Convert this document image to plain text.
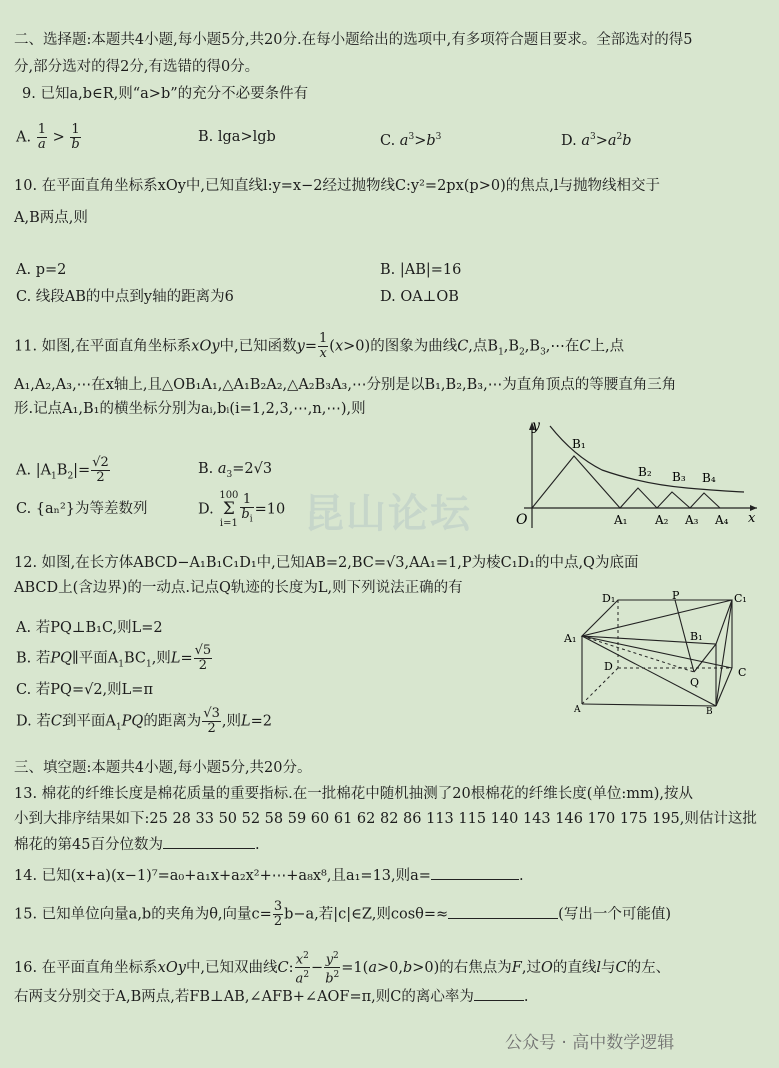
二、选择题:本题共4小题,每小题5分,共20分.在每小题给出的选项中,有多项符合题目要求。全部选对的得5
分,部分选对的得2分,有选错的得0分。
9. 已知a,b∈R,则“a>b”的充分不必要条件有
A. $\frac{1}{a} > \frac{1}{b}$	B. lga>lgb	C. $a^3>b^3$	D. $a^3>a^2b$
10. 在平面直角坐标系xOy中,已知直线l:y=x−2经过抛物线C:y²=2px(p>0)的焦点,l与抛物线相交于
A,B两点,则
A. p=2	B. |AB|=16
C. 线段AB的中点到y轴的距离为6	D. OA⊥OB
11. 如图,在平面直角坐标系xOy中,已知函数$y= \frac{1}{x} (x>0)$的图象为曲线C,点$B_1,B_2,B_3,\cdots$在C上,点
A₁,A₂,A₃,⋯在x轴上,且△OB₁A₁,△A₁B₂A₂,△A₂B₃A₃,⋯分别是以B₁,B₂,B₃,⋯为直角顶点的等腰直角三角
形.记点A₁,B₁的横坐标分别为aᵢ,bᵢ(i=1,2,3,⋯,n,⋯),则
A. $|A_1B_2|= \frac{√2}{2}$	B. $a_3=2√3$
C. {aₙ²}为等差数列	D. 100
Σ
$i=1 \frac{1}{b_i} =10$
y
O	x
B₁
B₂ B₃ B₄
A₁ A₂ A₃ A₄
昆山论坛
12. 如图,在长方体ABCD−A₁B₁C₁D₁中,已知AB=2,BC=√3,AA₁=1,P为棱C₁D₁的中点,Q为底面
ABCD上(含边界)的一动点.记点Q轨迹的长度为L,则下列说法正确的有
A. 若PQ⊥B₁C,则L=2
B. 若PQ∥平面$A_1BC_1$,则$L= \frac{√5}{2}$
C. 若PQ=√2,则L=π
D. 若C到平面$A_1PQ$的距离为 $\frac{√3}{2}$ ,则L=2
D₁	P	C₁
A₁	B₁
D
Q
C
A	B
三、填空题:本题共4小题,每小题5分,共20分。
13. 棉花的纤维长度是棉花质量的重要指标.在一批棉花中随机抽测了20根棉花的纤维长度(单位:mm),按从
小到大排序结果如下:25 28 33 50 52 58 59 60 61 62 82 86 113 115 140 143 146 170 175 195,则估计这批
棉花的第45百分位数为	.
14. 已知(x+a)(x−1)⁷=a₀+a₁x+a₂x²+⋯+a₈x⁸,且a₁=13,则a=	.
15. 已知单位向量a,b的夹角为θ,向量$c= \frac{3}{2} b-a$,若|c|∈Z,则cosθ=≈	(写出一个可能值)
16. 在平面直角坐标系xOy中,已知双曲线C: $\frac{x^2}{a^2} - \frac{y^2}{b^2} =1(a>0,b>0)$的右焦点为F,过O的直线l与C的左、
右两支分别交于A,B两点,若FB⊥AB,∠AFB+∠AOF=π,则C的离心率为	.
公众号 · 高中数学逻辑
